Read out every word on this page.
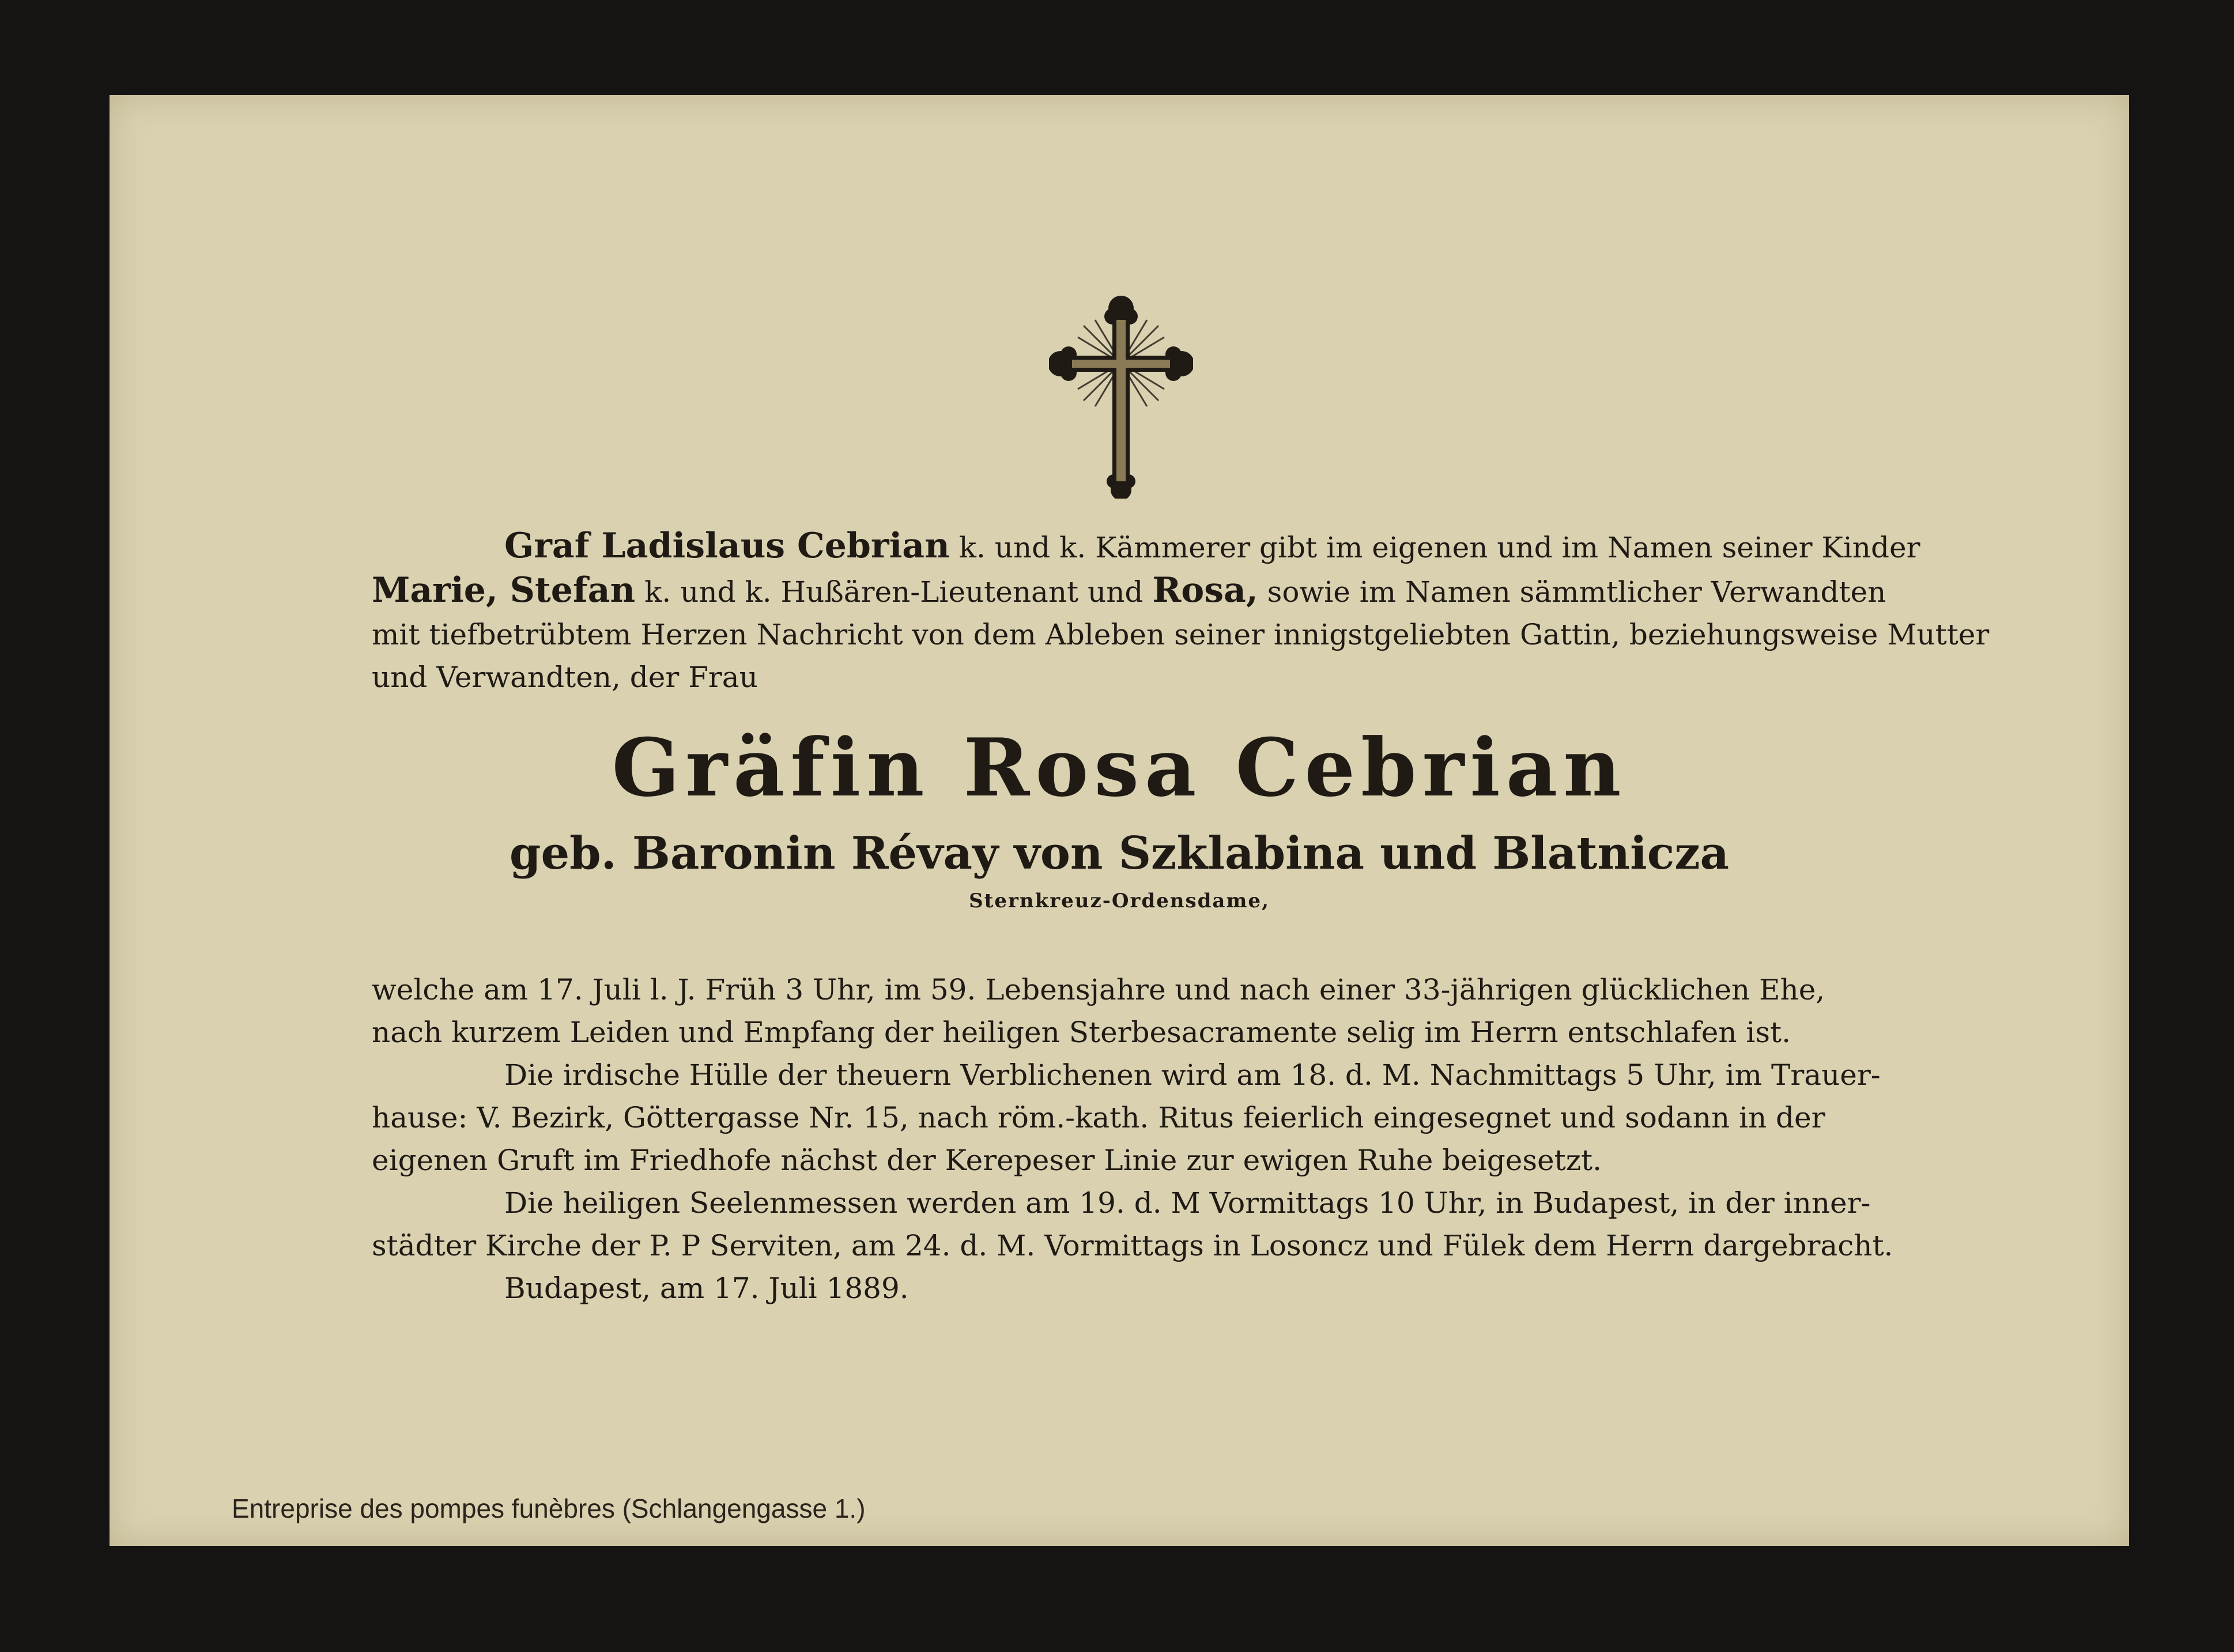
Graf Ladislaus Cebrian k. und k. Kämmerer gibt im eigenen und im Namen seiner Kinder
Marie, Stefan k. und k. Hußären-Lieutenant und Rosa, sowie im Namen sämmtlicher Verwandten
mit tiefbetrübtem Herzen Nachricht von dem Ableben seiner innigstgeliebten Gattin, beziehungsweise Mutter
und Verwandten, der Frau
Gräfin Rosa Cebrian
geb. Baronin Révay von Szklabina und Blatnicza
Sternkreuz-Ordensdame,
welche am 17. Juli l. J. Früh 3 Uhr, im 59. Lebensjahre und nach einer 33-jährigen glücklichen Ehe,
nach kurzem Leiden und Empfang der heiligen Sterbesacramente selig im Herrn entschlafen ist.
Die irdische Hülle der theuern Verblichenen wird am 18. d. M. Nachmittags 5 Uhr, im Trauer-
hause: V. Bezirk, Göttergasse Nr. 15, nach röm.-kath. Ritus feierlich eingesegnet und sodann in der
eigenen Gruft im Friedhofe nächst der Kerepeser Linie zur ewigen Ruhe beigesetzt.
Die heiligen Seelenmessen werden am 19. d. M Vormittags 10 Uhr, in Budapest, in der inner-
städter Kirche der P. P Serviten, am 24. d. M. Vormittags in Losoncz und Fülek dem Herrn dargebracht.
Budapest, am 17. Juli 1889.
Entreprise des pompes funèbres (Schlangengasse 1.)
